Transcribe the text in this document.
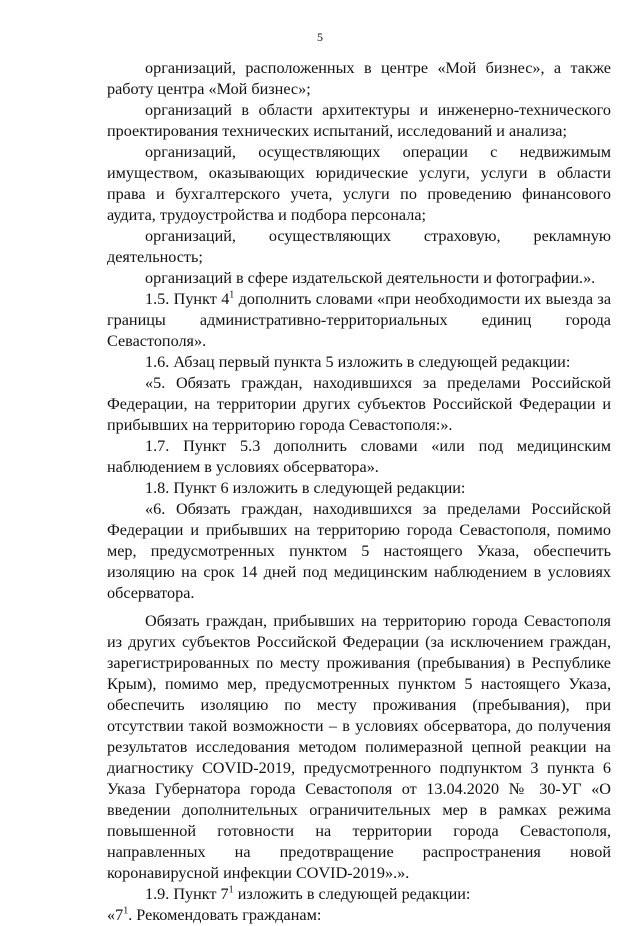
5

организаций, расположенных в центре «Мой бизнес», а также работу центра «Мой бизнес»;

организаций в области архитектуры и инженерно-технического проектирования технических испытаний, исследований и анализа;

организаций, осуществляющих операции с недвижимым имуществом, оказывающих юридические услуги, услуги в области права и бухгалтерского учета, услуги по проведению финансового аудита, трудоустройства и подбора персонала;

организаций, осуществляющих страховую, рекламную деятельность;

организаций в сфере издательской деятельности и фотографии.».

1.5. Пункт $4^1$ дополнить словами «при необходимости их выезда за границы административно-территориальных единиц города Севастополя».

1.6. Абзац первый пункта 5 изложить в следующей редакции:

«5. Обязать граждан, находившихся за пределами Российской Федерации, на территории других субъектов Российской Федерации и прибывших на территорию города Севастополя:».

1.7. Пункт 5.3 дополнить словами «или под медицинским наблюдением в условиях обсерватора».

1.8. Пункт 6 изложить в следующей редакции:

«6. Обязать граждан, находившихся за пределами Российской Федерации и прибывших на территорию города Севастополя, помимо мер, предусмотренных пунктом 5 настоящего Указа, обеспечить изоляцию на срок 14 дней под медицинским наблюдением в условиях обсерватора.

Обязать граждан, прибывших на территорию города Севастополя из других субъектов Российской Федерации (за исключением граждан, зарегистрированных по месту проживания (пребывания) в Республике Крым), помимо мер, предусмотренных пунктом 5 настоящего Указа, обеспечить изоляцию по месту проживания (пребывания), при отсутствии такой возможности – в условиях обсерватора, до получения результатов исследования методом полимеразной цепной реакции на диагностику COVID-2019, предусмотренного подпунктом 3 пункта 6 Указа Губернатора города Севастополя от 13.04.2020 № 30-УГ «О введении дополнительных ограничительных мер в рамках режима повышенной готовности на территории города Севастополя, направленных на предотвращение распространения новой коронавирусной инфекции COVID-2019».».

1.9. Пункт $7^1$ изложить в следующей редакции:

«$7^1$. Рекомендовать гражданам:
